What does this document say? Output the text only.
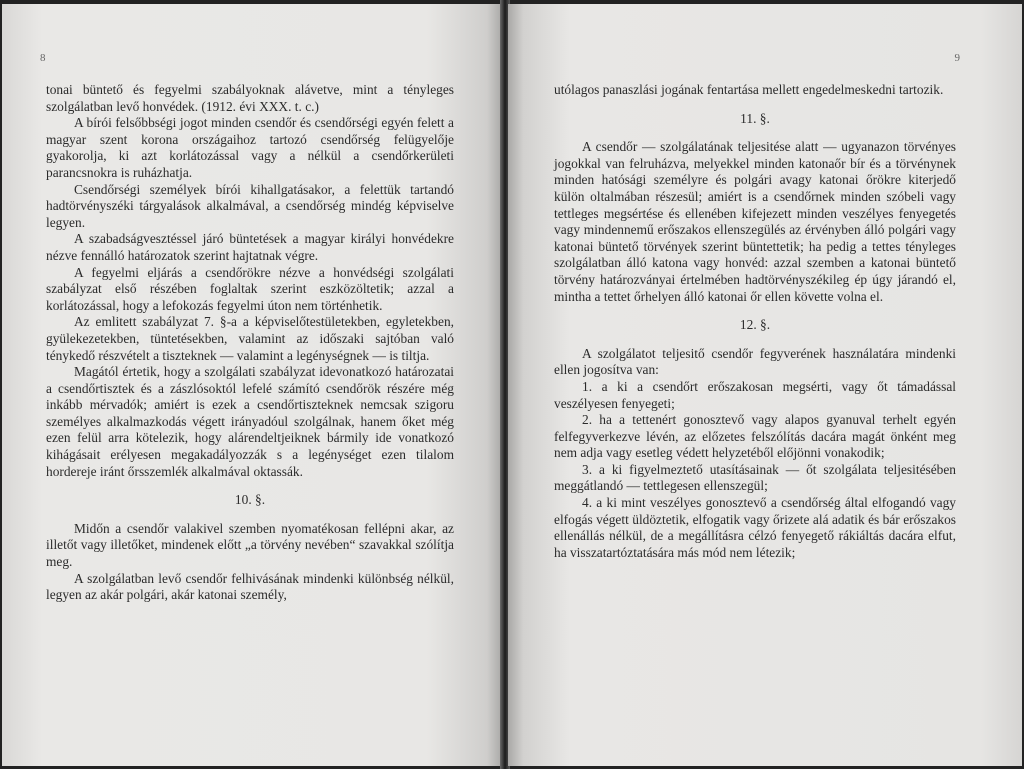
8

tonai büntető és fegyelmi szabályoknak alávetve, mint a tényleges szolgálatban levő honvédek. (1912. évi XXX. t. c.)

A bírói felsőbbségi jogot minden csendőr és csendőrségi egyén felett a magyar szent korona országaihoz tartozó csendőrség felügyelője gyakorolja, ki azt korlátozással vagy a nélkül a csendőrkerületi parancsnokra is ruházhatja.

Csendőrségi személyek bírói kihallgatásakor, a felettük tartandó hadtörvényszéki tárgyalások alkalmával, a csendőrség mindég képviselve legyen.

A szabadságvesztéssel járó büntetések a magyar királyi honvédekre nézve fennálló határozatok szerint hajtatnak végre.

A fegyelmi eljárás a csendőrökre nézve a honvédségi szolgálati szabályzat első részében foglaltak szerint eszközöltetik; azzal a korlátozással, hogy a lefokozás fegyelmi úton nem történhetik.

Az emlitett szabályzat 7. §-a a képviselőtestületekben, egyletekben, gyülekezetekben, tüntetésekben, valamint az időszaki sajtóban való ténykedő részvételt a tiszteknek — valamint a legénységnek — is tiltja.

Magától értetik, hogy a szolgálati szabályzat idevonatkozó határozatai a csendőrtisztek és a zászlósoktól lefelé számító csendőrök részére még inkább mérvadók; amiért is ezek a csendőrtiszteknek nemcsak szigoru személyes alkalmazkodás végett irányadóul szolgálnak, hanem őket még ezen felül arra kötelezik, hogy alárendeltjeiknek bármily ide vonatkozó kihágásait erélyesen megakadályozzák s a legénységet ezen tilalom hordereje iránt őrsszemlék alkalmával oktassák.

10. §.

Midőn a csendőr valakivel szemben nyomatékosan fellépni akar, az illetőt vagy illetőket, mindenek előtt „a törvény nevében“ szavakkal szólítja meg.

A szolgálatban levő csendőr felhivásának mindenki különbség nélkül, legyen az akár polgári, akár katonai személy,

9

utólagos panaszlási jogának fentartása mellett engedelmeskedni tartozik.

11. §.

A csendőr — szolgálatának teljesitése alatt — ugyanazon törvényes jogokkal van felruházva, melyekkel minden katonaőr bír és a törvénynek minden hatósági személyre és polgári avagy katonai őrökre kiterjedő külön oltalmában részesül; amiért is a csendőrnek minden szóbeli vagy tettleges megsértése és ellenében kifejezett minden veszélyes fenyegetés vagy mindennemű erőszakos ellenszegülés az érvényben álló polgári vagy katonai büntető törvények szerint büntettetik; ha pedig a tettes tényleges szolgálatban álló katona vagy honvéd: azzal szemben a katonai büntető törvény határozványai értelmében hadtörvényszékileg ép úgy járandó el, mintha a tettet őrhelyen álló katonai őr ellen követte volna el.

12. §.

A szolgálatot teljesitő csendőr fegyverének használatára mindenki ellen jogosítva van:

1. a ki a csendőrt erőszakosan megsérti, vagy őt támadással veszélyesen fenyegeti;

2. ha a tettenért gonosztevő vagy alapos gyanuval terhelt egyén felfegyverkezve lévén, az előzetes felszólítás dacára magát önként meg nem adja vagy esetleg védett helyzetéből előjönni vonakodik;

3. a ki figyelmeztető utasításainak — őt szolgálata teljesitésében meggátlandó — tettlegesen ellenszegül;

4. a ki mint veszélyes gonosztevő a csendőrség által elfogandó vagy elfogás végett üldöztetik, elfogatik vagy őrizete alá adatik és bár erőszakos ellenállás nélkül, de a megállításra célzó fenyegető rákiáltás dacára elfut, ha visszatartóztatására más mód nem létezik;
